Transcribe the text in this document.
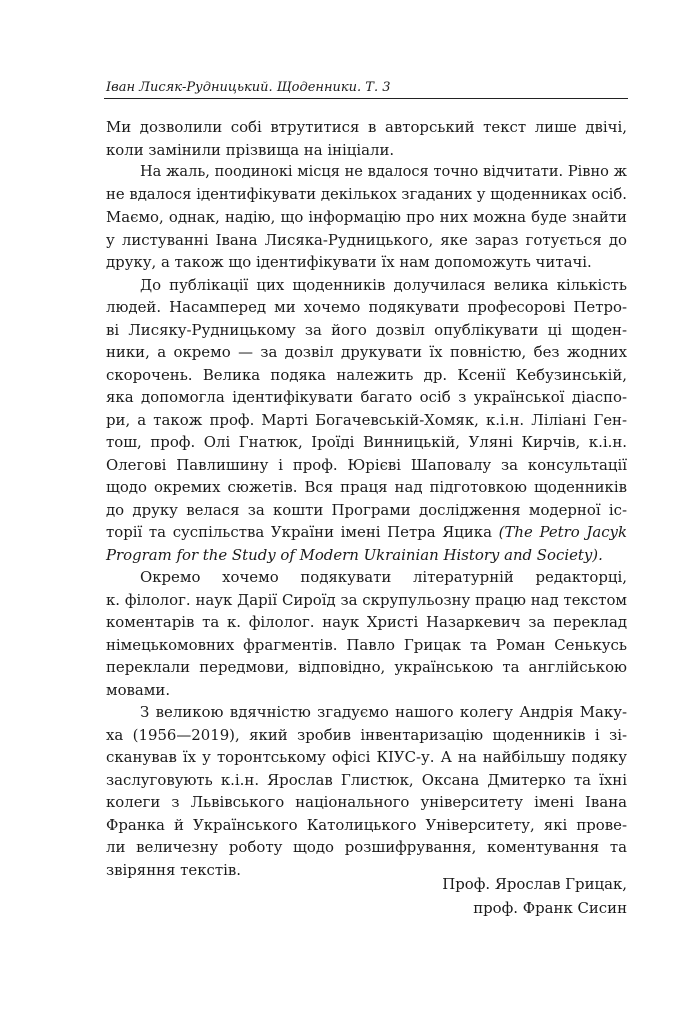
Іван Лисяк-Рудницький. Щоденники. Т. 3
Ми дозволили собі втрутитися в авторський текст лише двічі,
коли замінили прізвища на ініціали.
На жаль, поодинокі місця не вдалося точно відчитати. Рівно ж
не вдалося ідентифікувати декількох згаданих у щоденниках осіб.
Маємо, однак, надію, що інформацію про них можна буде знайти
у листуванні Івана Лисяка-Рудницького, яке зараз готується до
друку, а також що ідентифікувати їх нам допоможуть читачі.
До публікації цих щоденників долучилася велика кількість
людей. Насамперед ми хочемо подякувати професорові Петро-
ві Лисяку-Рудницькому за його дозвіл опублікувати ці щоден-
ники, а окремо — за дозвіл друкувати їх повністю, без жодних
скорочень. Велика подяка належить др. Ксенії Кебузинській,
яка допомогла ідентифікувати багато осіб з української діаспо-
ри, а також проф. Марті Богачевській-Хомяк, к.і.н. Ліліані Ген-
тош, проф. Олі Гнатюк, Іроїді Винницькій, Уляні Кирчів, к.і.н.
Олегові Павлишину і проф. Юрієві Шаповалу за консультації
щодо окремих сюжетів. Вся праця над підготовкою щоденників
до друку велася за кошти Програми дослідження модерної іс-
торії та суспільства України імені Петра Яцика (The Petro Jacyk
Program for the Study of Modern Ukrainian History and Society).
Окремо хочемо подякувати літературній редакторці,
к. філолог. наук Дарії Сироїд за скрупульозну працю над текстом
коментарів та к. філолог. наук Христі Назаркевич за переклад
німецькомовних фрагментів. Павло Грицак та Роман Сенькусь
переклали передмови, відповідно, українською та англійською
мовами.
З великою вдячністю згадуємо нашого колегу Андрія Маку-
ха (1956—2019), який зробив інвентаризацію щоденників і зі-
сканував їх у торонтському офісі КІУС-у. А на найбільшу подяку
заслуговують к.і.н. Ярослав Глистюк, Оксана Дмитерко та їхні
колеги з Львівського національного університету імені Івана
Франка й Українського Католицького Університету, які прове-
ли величезну роботу щодо розшифрування, коментування та
звіряння текстів.
Проф. Ярослав Грицак,
проф. Франк Сисин
